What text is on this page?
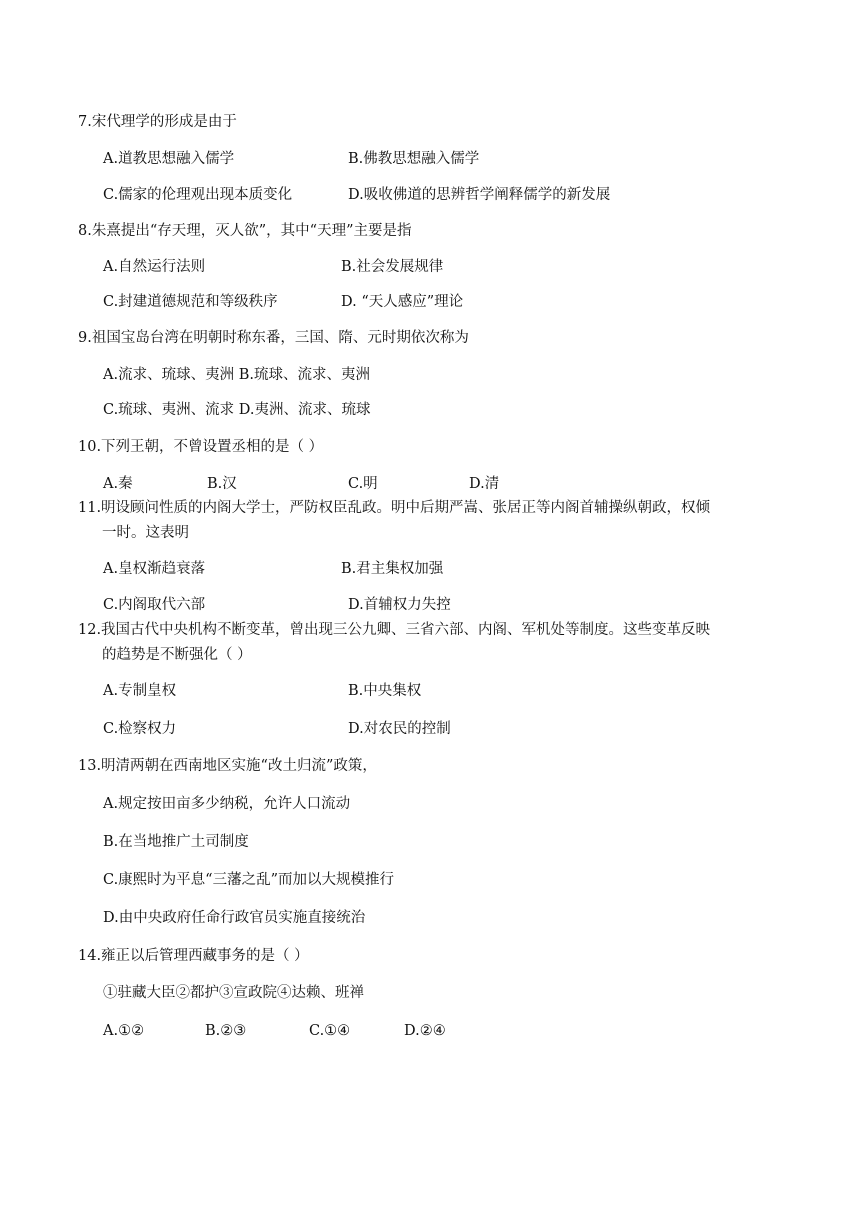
7.宋代理学的形成是由于
A.道教思想融入儒学	B.佛教思想融入儒学
C.儒家的伦理观出现本质变化	D.吸收佛道的思辨哲学阐释儒学的新发展
8.朱熹提出“存天理，灭人欲”，其中“天理”主要是指
A.自然运行法则	B.社会发展规律
C.封建道德规范和等级秩序	D. “天人感应”理论
9.祖国宝岛台湾在明朝时称东番，三国、隋、元时期依次称为
A.流求、琉球、夷洲 B.琉球、流求、夷洲
C.琉球、夷洲、流求 D.夷洲、流求、琉球
10.下列王朝，不曾设置丞相的是（ ）
A.秦	B.汉	C.明	D.清
11.明设顾问性质的内阁大学士，严防权臣乱政。明中后期严嵩、张居正等内阁首辅操纵朝政，权倾
一时。这表明
A.皇权渐趋衰落	B.君主集权加强
C.内阁取代六部	D.首辅权力失控
12.我国古代中央机构不断变革，曾出现三公九卿、三省六部、内阁、军机处等制度。这些变革反映
的趋势是不断强化（ ）
A.专制皇权	B.中央集权
C.检察权力	D.对农民的控制
13.明清两朝在西南地区实施“改土归流”政策，
A.规定按田亩多少纳税，允许人口流动
B.在当地推广土司制度
C.康熙时为平息“三藩之乱”而加以大规模推行
D.由中央政府任命行政官员实施直接统治
14.雍正以后管理西藏事务的是（ ）
①驻藏大臣②都护③宣政院④达赖、班禅
A.①②	B.②③	C.①④	D.②④
